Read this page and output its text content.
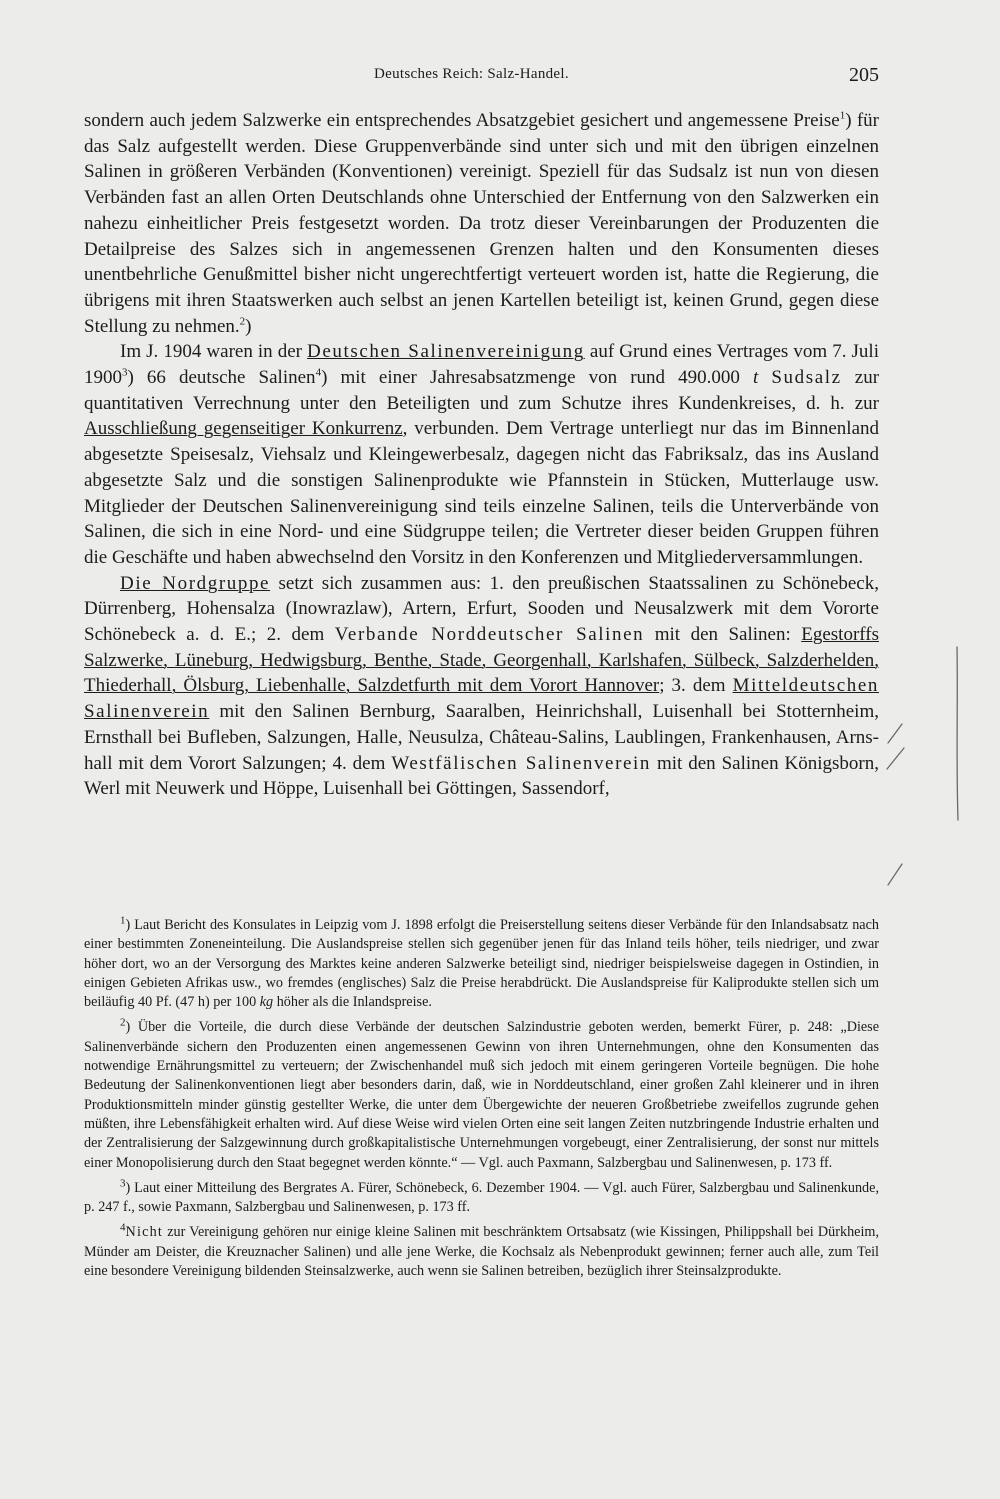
Deutsches Reich: Salz-Handel.	205

sondern auch jedem Salzwerke ein entsprechendes Absatzgebiet gesichert und angemessene Preise$^1$) für das Salz aufgestellt werden. Diese Gruppenverbände sind unter sich und mit den übrigen einzelnen Salinen in größeren Verbänden (Konventionen) vereinigt. Speziell für das Sudsalz ist nun von diesen Verbänden fast an allen Orten Deutschlands ohne Unterschied der Entfernung von den Salzwerken ein nahezu einheitlicher Preis festgesetzt worden. Da trotz dieser Vereinbarungen der Produzenten die Detailpreise des Salzes sich in angemessenen Grenzen halten und den Konsumenten dieses unentbehrliche Genußmittel bisher nicht ungerechtfertigt verteuert worden ist, hatte die Regierung, die übrigens mit ihren Staatswerken auch selbst an jenen Kartellen beteiligt ist, keinen Grund, gegen diese Stellung zu nehmen.$^2$)

Im J. 1904 waren in der Deutschen Salinenvereinigung auf Grund eines Vertrages vom 7. Juli 1900$^3$) 66 deutsche Salinen$^4$) mit einer Jahresabsatzmenge von rund 490.000 t Sudsalz zur quantitativen Verrechnung unter den Beteiligten und zum Schutze ihres Kundenkreises, d. h. zur Ausschließung gegenseitiger Konkurrenz, verbunden. Dem Vertrage unterliegt nur das im Binnenland abgesetzte Speisesalz, Viehsalz und Kleingewerbesalz, dagegen nicht das Fabriksalz, das ins Ausland abgesetzte Salz und die sonstigen Salinenprodukte wie Pfannstein in Stücken, Mutterlauge usw. Mitglieder der Deutschen Salinenvereinigung sind teils einzelne Salinen, teils die Unterverbände von Salinen, die sich in eine Nord- und eine Südgruppe teilen; die Vertreter dieser beiden Gruppen führen die Geschäfte und haben abwechselnd den Vorsitz in den Konferenzen und Mitgliederversammlungen.

Die Nordgruppe setzt sich zusammen aus: 1. den preußischen Staatssalinen zu Schönebeck, Dürrenberg, Hohensalza (Inowrazlaw), Artern, Erfurt, Sooden und Neusalzwerk mit dem Vororte Schönebeck a. d. E.; 2. dem Verbande Norddeutscher Salinen mit den Salinen: Egestorffs Salzwerke, Lüneburg, Hedwigsburg, Benthe, Stade, Georgenhall, Karlshafen, Sülbeck, Salzderhelden, Thiederhall, Ölsburg, Liebenhalle, Salzdetfurth mit dem Vorort Hannover; 3. dem Mitteldeutschen Salinenverein mit den Salinen Bernburg, Saaralben, Heinrichshall, Luisenhall bei Stotternheim, Ernsthall bei Bufleben, Salzungen, Halle, Neusulza, Château-Salins, Laublingen, Frankenhausen, Arnshall mit dem Vorort Salzungen; 4. dem Westfälischen Salinenverein mit den Salinen Königsborn, Werl mit Neuwerk und Höppe, Luisenhall bei Göttingen, Sassendorf,

$^1$) Laut Bericht des Konsulates in Leipzig vom J. 1898 erfolgt die Preiserstellung seitens dieser Verbände für den Inlandsabsatz nach einer bestimmten Zoneneinteilung. Die Auslandspreise stellen sich gegenüber jenen für das Inland teils höher, teils niedriger, und zwar höher dort, wo an der Versorgung des Marktes keine anderen Salzwerke beteiligt sind, niedriger beispielsweise dagegen in Ostindien, in einigen Gebieten Afrikas usw., wo fremdes (englisches) Salz die Preise herabdrückt. Die Auslandspreise für Kaliprodukte stellen sich um beiläufig 40 Pf. (47 h) per 100 kg höher als die Inlandspreise.

$^2$) Über die Vorteile, die durch diese Verbände der deutschen Salzindustrie geboten werden, bemerkt Fürer, p. 248: „Diese Salinenverbände sichern den Produzenten einen angemessenen Gewinn von ihren Unternehmungen, ohne den Konsumenten das notwendige Ernährungsmittel zu verteuern; der Zwischenhandel muß sich jedoch mit einem geringeren Vorteile begnügen. Die hohe Bedeutung der Salinenkonventionen liegt aber besonders darin, daß, wie in Norddeutschland, einer großen Zahl kleinerer und in ihren Produktionsmitteln minder günstig gestellter Werke, die unter dem Übergewichte der neueren Großbetriebe zweifellos zugrunde gehen müßten, ihre Lebensfähigkeit erhalten wird. Auf diese Weise wird vielen Orten eine seit langen Zeiten nutzbringende Industrie erhalten und der Zentralisierung der Salzgewinnung durch großkapitalistische Unternehmungen vorgebeugt, einer Zentralisierung, der sonst nur mittels einer Monopolisierung durch den Staat begegnet werden könnte.“ — Vgl. auch Paxmann, Salzbergbau und Salinenwesen, p. 173 ff.

$^3$) Laut einer Mitteilung des Bergrates A. Fürer, Schönebeck, 6. Dezember 1904. — Vgl. auch Fürer, Salzbergbau und Salinenkunde, p. 247 f., sowie Paxmann, Salzbergbau und Salinenwesen, p. 173 ff.

$^4$Nicht zur Vereinigung gehören nur einige kleine Salinen mit beschränktem Ortsabsatz (wie Kissingen, Philippshall bei Dürkheim, Münder am Deister, die Kreuznacher Salinen) und alle jene Werke, die Kochsalz als Nebenprodukt gewinnen; ferner auch alle, zum Teil eine besondere Vereinigung bildenden Steinsalzwerke, auch wenn sie Salinen betreiben, bezüglich ihrer Steinsalzprodukte.
